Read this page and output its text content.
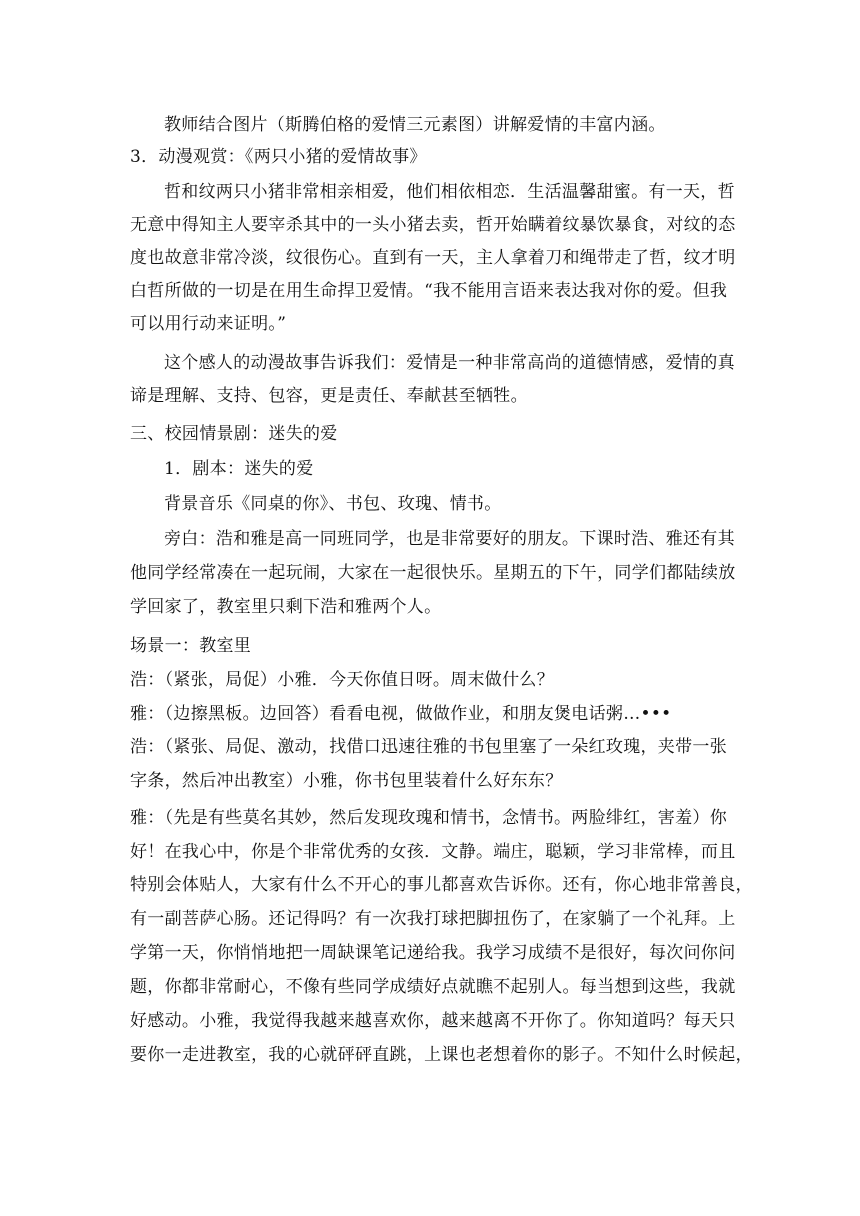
教师结合图片（斯腾伯格的爱情三元素图）讲解爱情的丰富内涵。
3．动漫观赏：《两只小猪的爱情故事》
哲和纹两只小猪非常相亲相爱，他们相依相恋．生活温馨甜蜜。有一天，哲
无意中得知主人要宰杀其中的一头小猪去卖，哲开始瞒着纹暴饮暴食，对纹的态
度也故意非常冷淡，纹很伤心。直到有一天，主人拿着刀和绳带走了哲，纹才明
白哲所做的一切是在用生命捍卫爱情。“我不能用言语来表达我对你的爱。但我
可以用行动来证明。”
这个感人的动漫故事告诉我们：爱情是一种非常高尚的道德情感，爱情的真
谛是理解、支持、包容，更是责任、奉献甚至牺牲。
三、校园情景剧：迷失的爱
1．剧本：迷失的爱
背景音乐《同桌的你》、书包、玫瑰、情书。
旁白：浩和雅是高一同班同学，也是非常要好的朋友。下课时浩、雅还有其
他同学经常凑在一起玩闹，大家在一起很快乐。星期五的下午，同学们都陆续放
学回家了，教室里只剩下浩和雅两个人。
场景一：教室里
浩：（紧张，局促）小雅．今天你值日呀。周末做什么？
雅：（边擦黑板。边回答）看看电视，做做作业，和朋友煲电话粥…•••
浩：（紧张、局促、激动，找借口迅速往雅的书包里塞了一朵红玫瑰，夹带一张
字条，然后冲出教室）小雅，你书包里装着什么好东东？
雅：（先是有些莫名其妙，然后发现玫瑰和情书，念情书。两脸绯红，害羞）你
好！在我心中，你是个非常优秀的女孩．文静。端庄，聪颖，学习非常棒，而且
特别会体贴人，大家有什么不开心的事儿都喜欢告诉你。还有，你心地非常善良，
有一副菩萨心肠。还记得吗？有一次我打球把脚扭伤了，在家躺了一个礼拜。上
学第一天，你悄悄地把一周缺课笔记递给我。我学习成绩不是很好，每次问你问
题，你都非常耐心，不像有些同学成绩好点就瞧不起别人。每当想到这些，我就
好感动。小雅，我觉得我越来越喜欢你，越来越离不开你了。你知道吗？每天只
要你一走进教室，我的心就砰砰直跳，上课也老想着你的影子。不知什么时候起，
